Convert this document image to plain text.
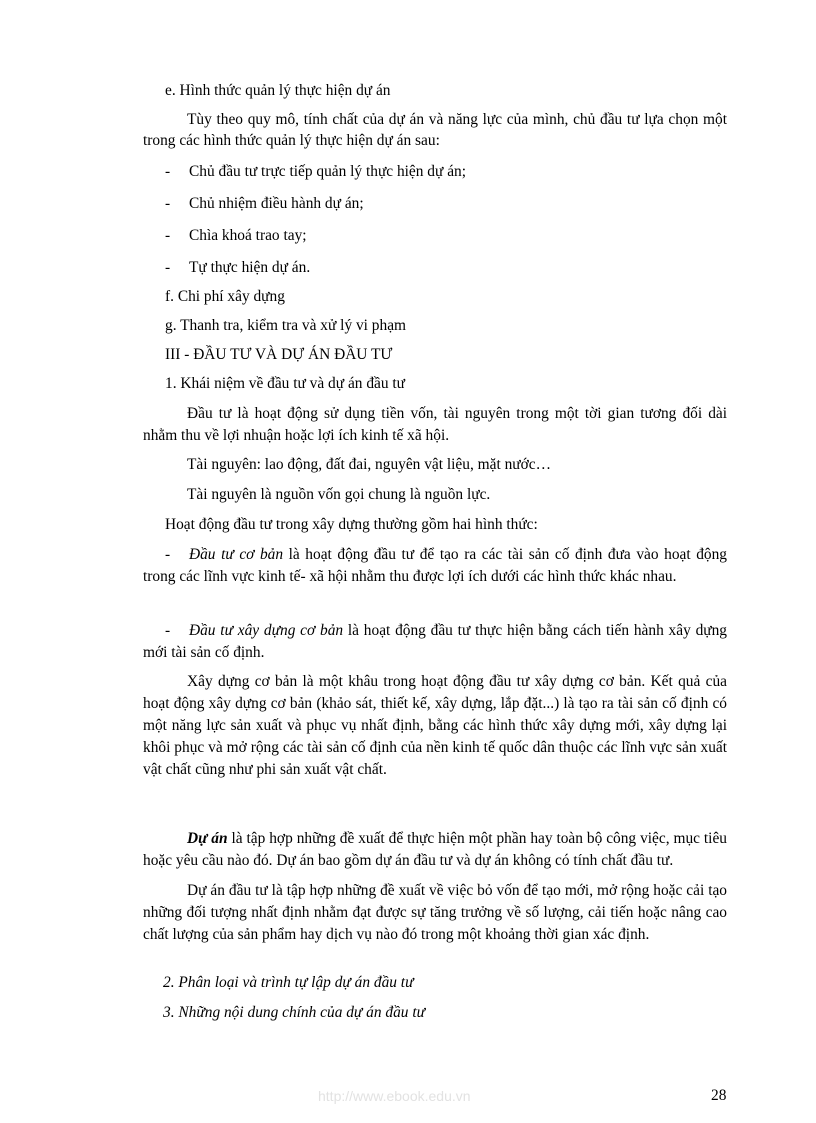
e. Hình thức quản lý thực hiện dự án
Tùy theo quy mô, tính chất của dự án và năng lực của mình, chủ đầu tư lựa chọn một trong các hình thức quản lý thực hiện dự án sau:
- Chủ đầu tư trực tiếp quản lý thực hiện dự án;
- Chủ nhiệm điều hành dự án;
- Chìa khoá trao tay;
- Tự thực hiện dự án.
f. Chi phí xây dựng
g. Thanh tra, kiểm tra và xử lý vi phạm
III - ĐẦU TƯ VÀ DỰ ÁN ĐẦU TƯ
1. Khái niệm về đầu tư và dự án đầu tư
Đầu tư là hoạt động sử dụng tiền vốn, tài nguyên trong một tời gian tương đối dài nhằm thu về lợi nhuận hoặc lợi ích kinh tế xã hội.
Tài nguyên: lao động, đất đai, nguyên vật liệu, mặt nước…
Tài nguyên là nguồn vốn gọi chung là nguồn lực.
Hoạt động đầu tư trong xây dựng thường gồm hai hình thức:
- Đầu tư cơ bản là hoạt động đầu tư để tạo ra các tài sản cố định đưa vào hoạt động trong các lĩnh vực kinh tế- xã hội nhằm thu được lợi ích dưới các hình thức khác nhau.
- Đầu tư xây dựng cơ bản là hoạt động đầu tư thực hiện bằng cách tiến hành xây dựng mới tài sản cố định.
Xây dựng cơ bản là một khâu trong hoạt động đầu tư xây dựng cơ bản. Kết quả của hoạt động xây dựng cơ bản (khảo sát, thiết kế, xây dựng, lắp đặt...) là tạo ra tài sản cố định có một năng lực sản xuất và phục vụ nhất định, bằng các hình thức xây dựng mới, xây dựng lại khôi phục và mở rộng các tài sản cố định của nền kinh tế quốc dân thuộc các lĩnh vực sản xuất vật chất cũng như phi sản xuất vật chất.
Dự án là tập hợp những đề xuất để thực hiện một phần hay toàn bộ công việc, mục tiêu hoặc yêu cầu nào đó. Dự án bao gồm dự án đầu tư và dự án không có tính chất đầu tư.
Dự án đầu tư là tập hợp những đề xuất về việc bỏ vốn để tạo mới, mở rộng hoặc cải tạo những đối tượng nhất định nhằm đạt được sự tăng trưởng về số lượng, cải tiến hoặc nâng cao chất lượng của sản phẩm hay dịch vụ nào đó trong một khoảng thời gian xác định.
2. Phân loại và trình tự lập dự án đầu tư
3. Những nội dung chính của dự án đầu tư
http://www.ebook.edu.vn	28
